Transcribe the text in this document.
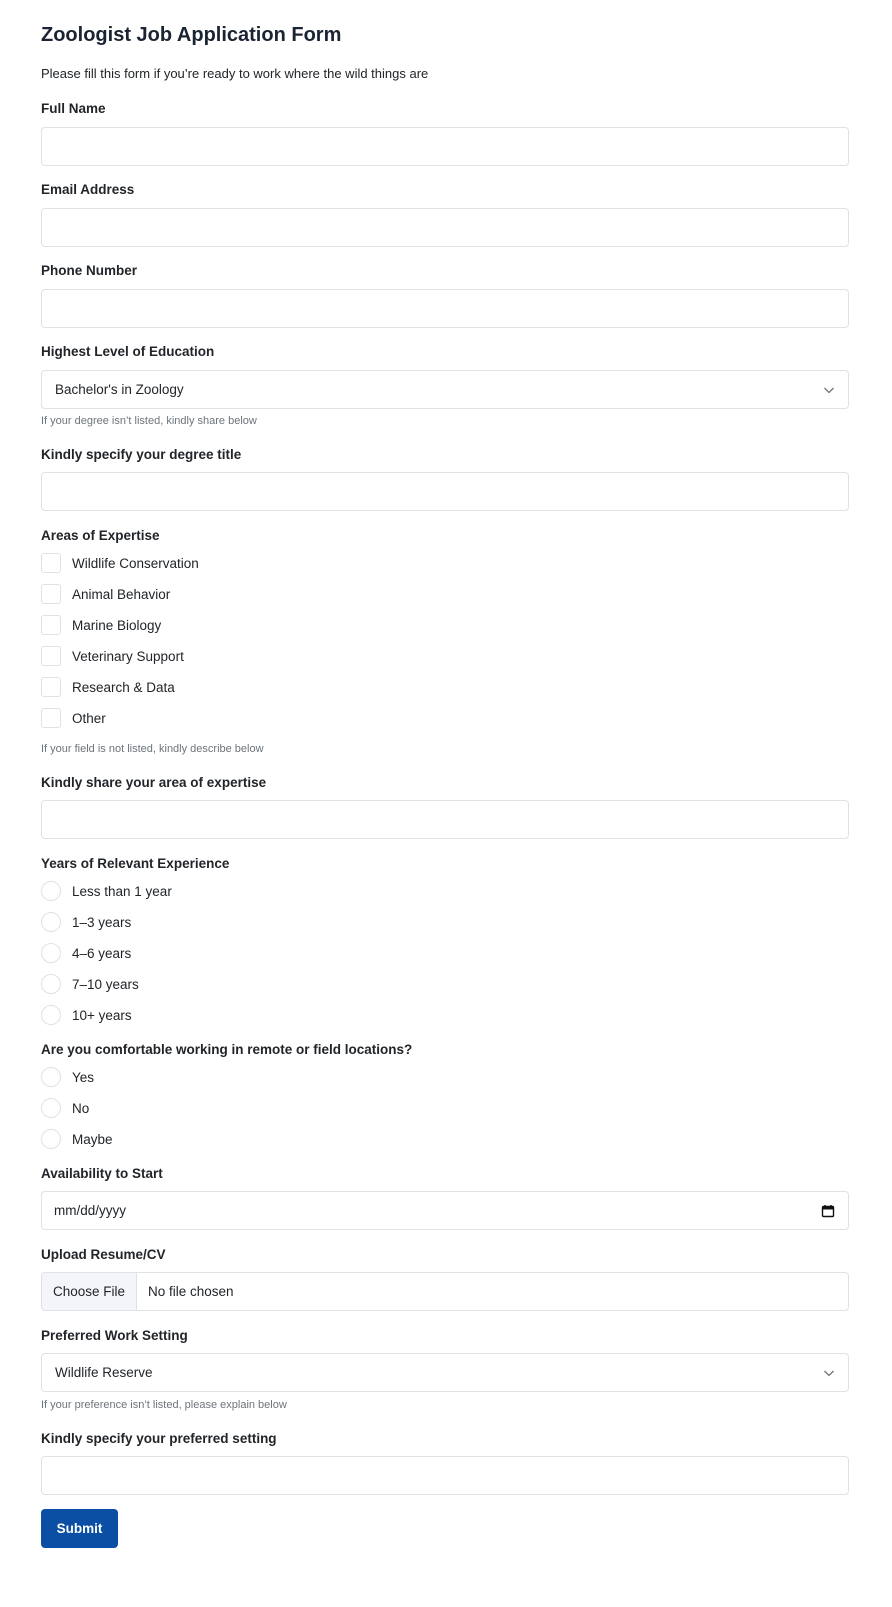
Zoologist Job Application Form
Please fill this form if you’re ready to work where the wild things are
Full Name
Email Address
Phone Number
Highest Level of Education
Bachelor's in Zoology
If your degree isn’t listed, kindly share below
Kindly specify your degree title
Areas of Expertise
Wildlife Conservation
Animal Behavior
Marine Biology
Veterinary Support
Research & Data
Other
If your field is not listed, kindly describe below
Kindly share your area of expertise
Years of Relevant Experience
Less than 1 year
1–3 years
4–6 years
7–10 years
10+ years
Are you comfortable working in remote or field locations?
Yes
No
Maybe
Availability to Start
mm/dd/yyyy
Upload Resume/CV
Choose File	No file chosen
Preferred Work Setting
Wildlife Reserve
If your preference isn’t listed, please explain below
Kindly specify your preferred setting
Submit
